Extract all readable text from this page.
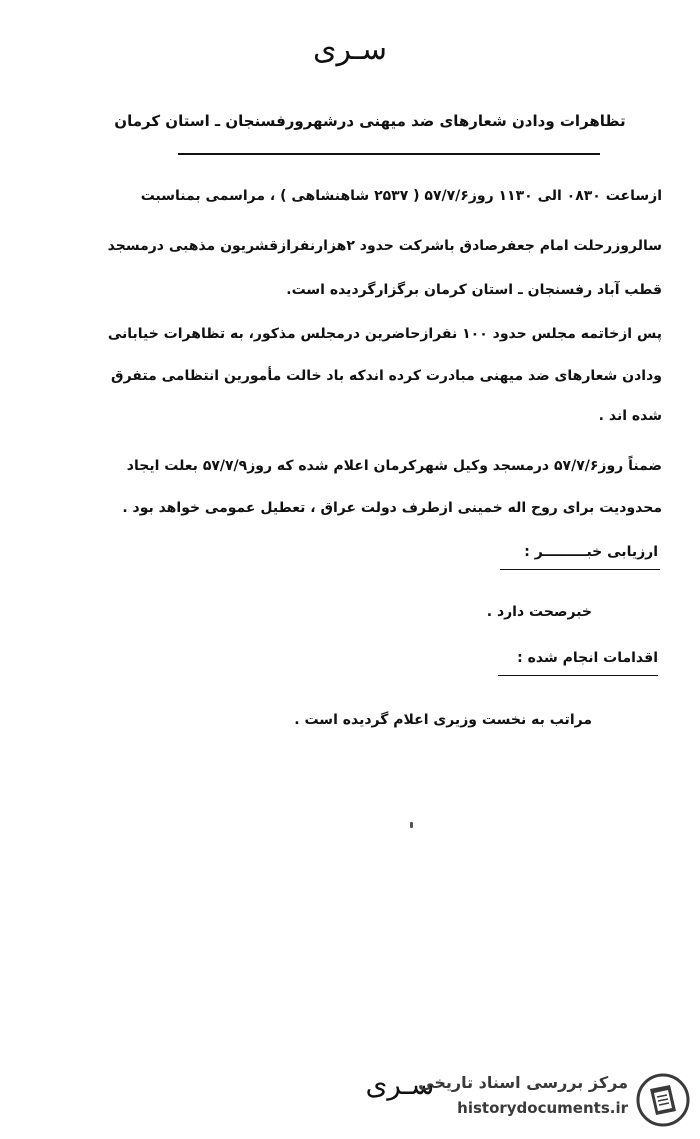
سـری
تظاهرات ودادن شعارهای ضد میهنی درشهرورفسنجان ـ استان کرمان
ازساعت ۰۸۳۰ الی ۱۱۳۰ روز۵۷/۷/۶ ( ۲۵۳۷ شاهنشاهی ) ، مراسمی بمناسبت
سالروزرحلت امام جعفرصادق باشرکت حدود ۲هزارنفرازقشریون مذهبی درمسجد
قطب آباد رفسنجان ـ استان کرمان برگزارگردیده است.
پس ازخاتمه مجلس حدود ۱۰۰ نفرازحاضرین درمجلس مذکور، به تظاهرات خیابانی
ودادن شعارهای ضد میهنی مبادرت کرده اندکه باد خالت مأمورین انتظامی متفرق
شده اند .
ضمناً روز۵۷/۷/۶ درمسجد وکیل شهرکرمان اعلام شده که روز۵۷/۷/۹ بعلت ایجاد
محدودیت برای روح اله خمینی ازطرف دولت عراق ، تعطیل عمومی خواهد بود .
ارزیابی خبـــــــــر :
خبرصحت دارد .
اقدامات انجام شده :
مراتب به نخست وزیری اعلام گردیده است .
سـری
مرکز بررسی اسناد تاریخی
historydocuments.ir
